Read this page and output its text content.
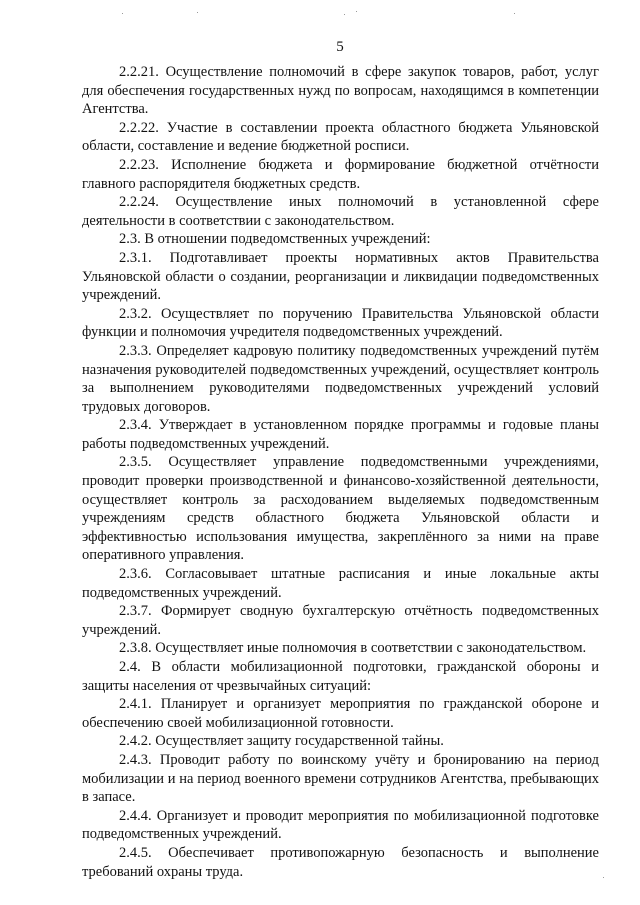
5

2.2.21. Осуществление полномочий в сфере закупок товаров, работ, услуг для обеспечения государственных нужд по вопросам, находящимся в компетенции Агентства.

2.2.22. Участие в составлении проекта областного бюджета Ульяновской области, составление и ведение бюджетной росписи.

2.2.23. Исполнение бюджета и формирование бюджетной отчётности главного распорядителя бюджетных средств.

2.2.24. Осуществление иных полномочий в установленной сфере деятельности в соответствии с законодательством.

2.3. В отношении подведомственных учреждений:

2.3.1. Подготавливает проекты нормативных актов Правительства Ульяновской области о создании, реорганизации и ликвидации подведомственных учреждений.

2.3.2. Осуществляет по поручению Правительства Ульяновской области функции и полномочия учредителя подведомственных учреждений.

2.3.3. Определяет кадровую политику подведомственных учреждений путём назначения руководителей подведомственных учреждений, осуществляет контроль за выполнением руководителями подведомственных учреждений условий трудовых договоров.

2.3.4. Утверждает в установленном порядке программы и годовые планы работы подведомственных учреждений.

2.3.5. Осуществляет управление подведомственными учреждениями, проводит проверки производственной и финансово-хозяйственной деятельности, осуществляет контроль за расходованием выделяемых подведомственным учреждениям средств областного бюджета Ульяновской области и эффективностью использования имущества, закреплённого за ними на праве оперативного управления.

2.3.6. Согласовывает штатные расписания и иные локальные акты подведомственных учреждений.

2.3.7. Формирует сводную бухгалтерскую отчётность подведомственных учреждений.

2.3.8. Осуществляет иные полномочия в соответствии с законодательством.

2.4. В области мобилизационной подготовки, гражданской обороны и защиты населения от чрезвычайных ситуаций:

2.4.1. Планирует и организует мероприятия по гражданской обороне и обеспечению своей мобилизационной готовности.

2.4.2. Осуществляет защиту государственной тайны.

2.4.3. Проводит работу по воинскому учёту и бронированию на период мобилизации и на период военного времени сотрудников Агентства, пребывающих в запасе.

2.4.4. Организует и проводит мероприятия по мобилизационной подготовке подведомственных учреждений.

2.4.5. Обеспечивает противопожарную безопасность и выполнение требований охраны труда.
